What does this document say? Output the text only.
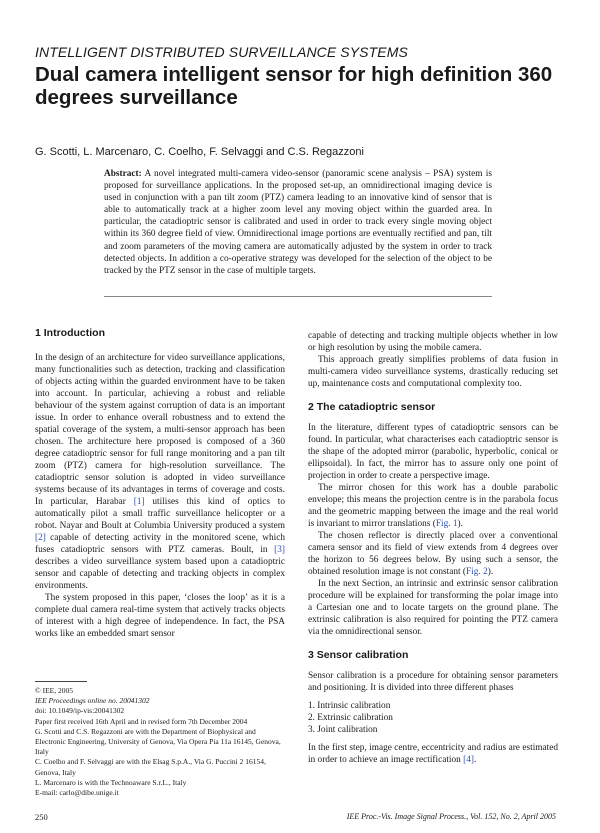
INTELLIGENT DISTRIBUTED SURVEILLANCE SYSTEMS
Dual camera intelligent sensor for high definition 360 degrees surveillance
G. Scotti, L. Marcenaro, C. Coelho, F. Selvaggi and C.S. Regazzoni
Abstract: A novel integrated multi-camera video-sensor (panoramic scene analysis – PSA) system is proposed for surveillance applications. In the proposed set-up, an omnidirectional imaging device is used in conjunction with a pan tilt zoom (PTZ) camera leading to an innovative kind of sensor that is able to automatically track at a higher zoom level any moving object within the guarded area. In particular, the catadioptric sensor is calibrated and used in order to track every single moving object within its 360 degree field of view. Omnidirectional image portions are eventually rectified and pan, tilt and zoom parameters of the moving camera are automatically adjusted by the system in order to track detected objects. In addition a co-operative strategy was developed for the selection of the object to be tracked by the PTZ sensor in the case of multiple targets.
1 Introduction

In the design of an architecture for video surveillance applications, many functionalities such as detection, tracking and classification of objects acting within the guarded environment have to be taken into account. In particular, achieving a robust and reliable behaviour of the system against corruption of data is an important issue. In order to enhance overall robustness and to extend the spatial coverage of the system, a multi-sensor approach has been chosen. The architecture here proposed is composed of a 360 degree catadioptric sensor for full range monitoring and a pan tilt zoom (PTZ) camera for high-resolution surveillance. The catadioptric sensor solution is adopted in video surveillance systems because of its advantages in terms of coverage and costs. In particular, Harabar [1] utilises this kind of optics to automatically pilot a small traffic surveillance helicopter or a robot. Nayar and Boult at Columbia University produced a system [2] capable of detecting activity in the monitored scene, which fuses catadioptric sensors with PTZ cameras. Boult, in [3] describes a video surveillance system based upon a catadioptric sensor and capable of detecting and tracking objects in complex environments.

The system proposed in this paper, ‘closes the loop’ as it is a complete dual camera real-time system that actively tracks objects of interest with a high degree of independence. In fact, the PSA works like an embedded smart sensor

© IEE, 2005
IEE Proceedings online no. 20041302
doi: 10.1049/ip-vis:20041302
Paper first received 16th April and in revised form 7th December 2004
G. Scotti and C.S. Regazzoni are with the Department of Biophysical and Electronic Engineering, University of Genova, Via Opera Pia 11a 16145, Genova, Italy
C. Coelho and F. Selvaggi are with the Elsag S.p.A., Via G. Puccini 2 16154, Genova, Italy
L. Marcenaro is with the Technoaware S.r.L., Italy
E-mail: carlo@dibe.unige.it

capable of detecting and tracking multiple objects whether in low or high resolution by using the mobile camera.

This approach greatly simplifies problems of data fusion in multi-camera video surveillance systems, drastically reducing set up, maintenance costs and computational complexity too.

2 The catadioptric sensor

In the literature, different types of catadioptric sensors can be found. In particular, what characterises each catadioptric sensor is the shape of the adopted mirror (parabolic, hyperbolic, conical or ellipsoidal). In fact, the mirror has to assure only one point of projection in order to create a perspective image.

The mirror chosen for this work has a double parabolic envelope; this means the projection centre is in the parabola focus and the geometric mapping between the image and the real world is invariant to mirror translations (Fig. 1).

The chosen reflector is directly placed over a conventional camera sensor and its field of view extends from 4 degrees over the horizon to 56 degrees below. By using such a sensor, the obtained resolution image is not constant (Fig. 2).

In the next Section, an intrinsic and extrinsic sensor calibration procedure will be explained for transforming the polar image into a Cartesian one and to locate targets on the ground plane. The extrinsic calibration is also required for pointing the PTZ camera via the omnidirectional sensor.

3 Sensor calibration

Sensor calibration is a procedure for obtaining sensor parameters and positioning. It is divided into three different phases

1. Intrinsic calibration
2. Extrinsic calibration
3. Joint calibration

In the first step, image centre, eccentricity and radius are estimated in order to achieve an image rectification [4].

250	IEE Proc.-Vis. Image Signal Process., Vol. 152, No. 2, April 2005
